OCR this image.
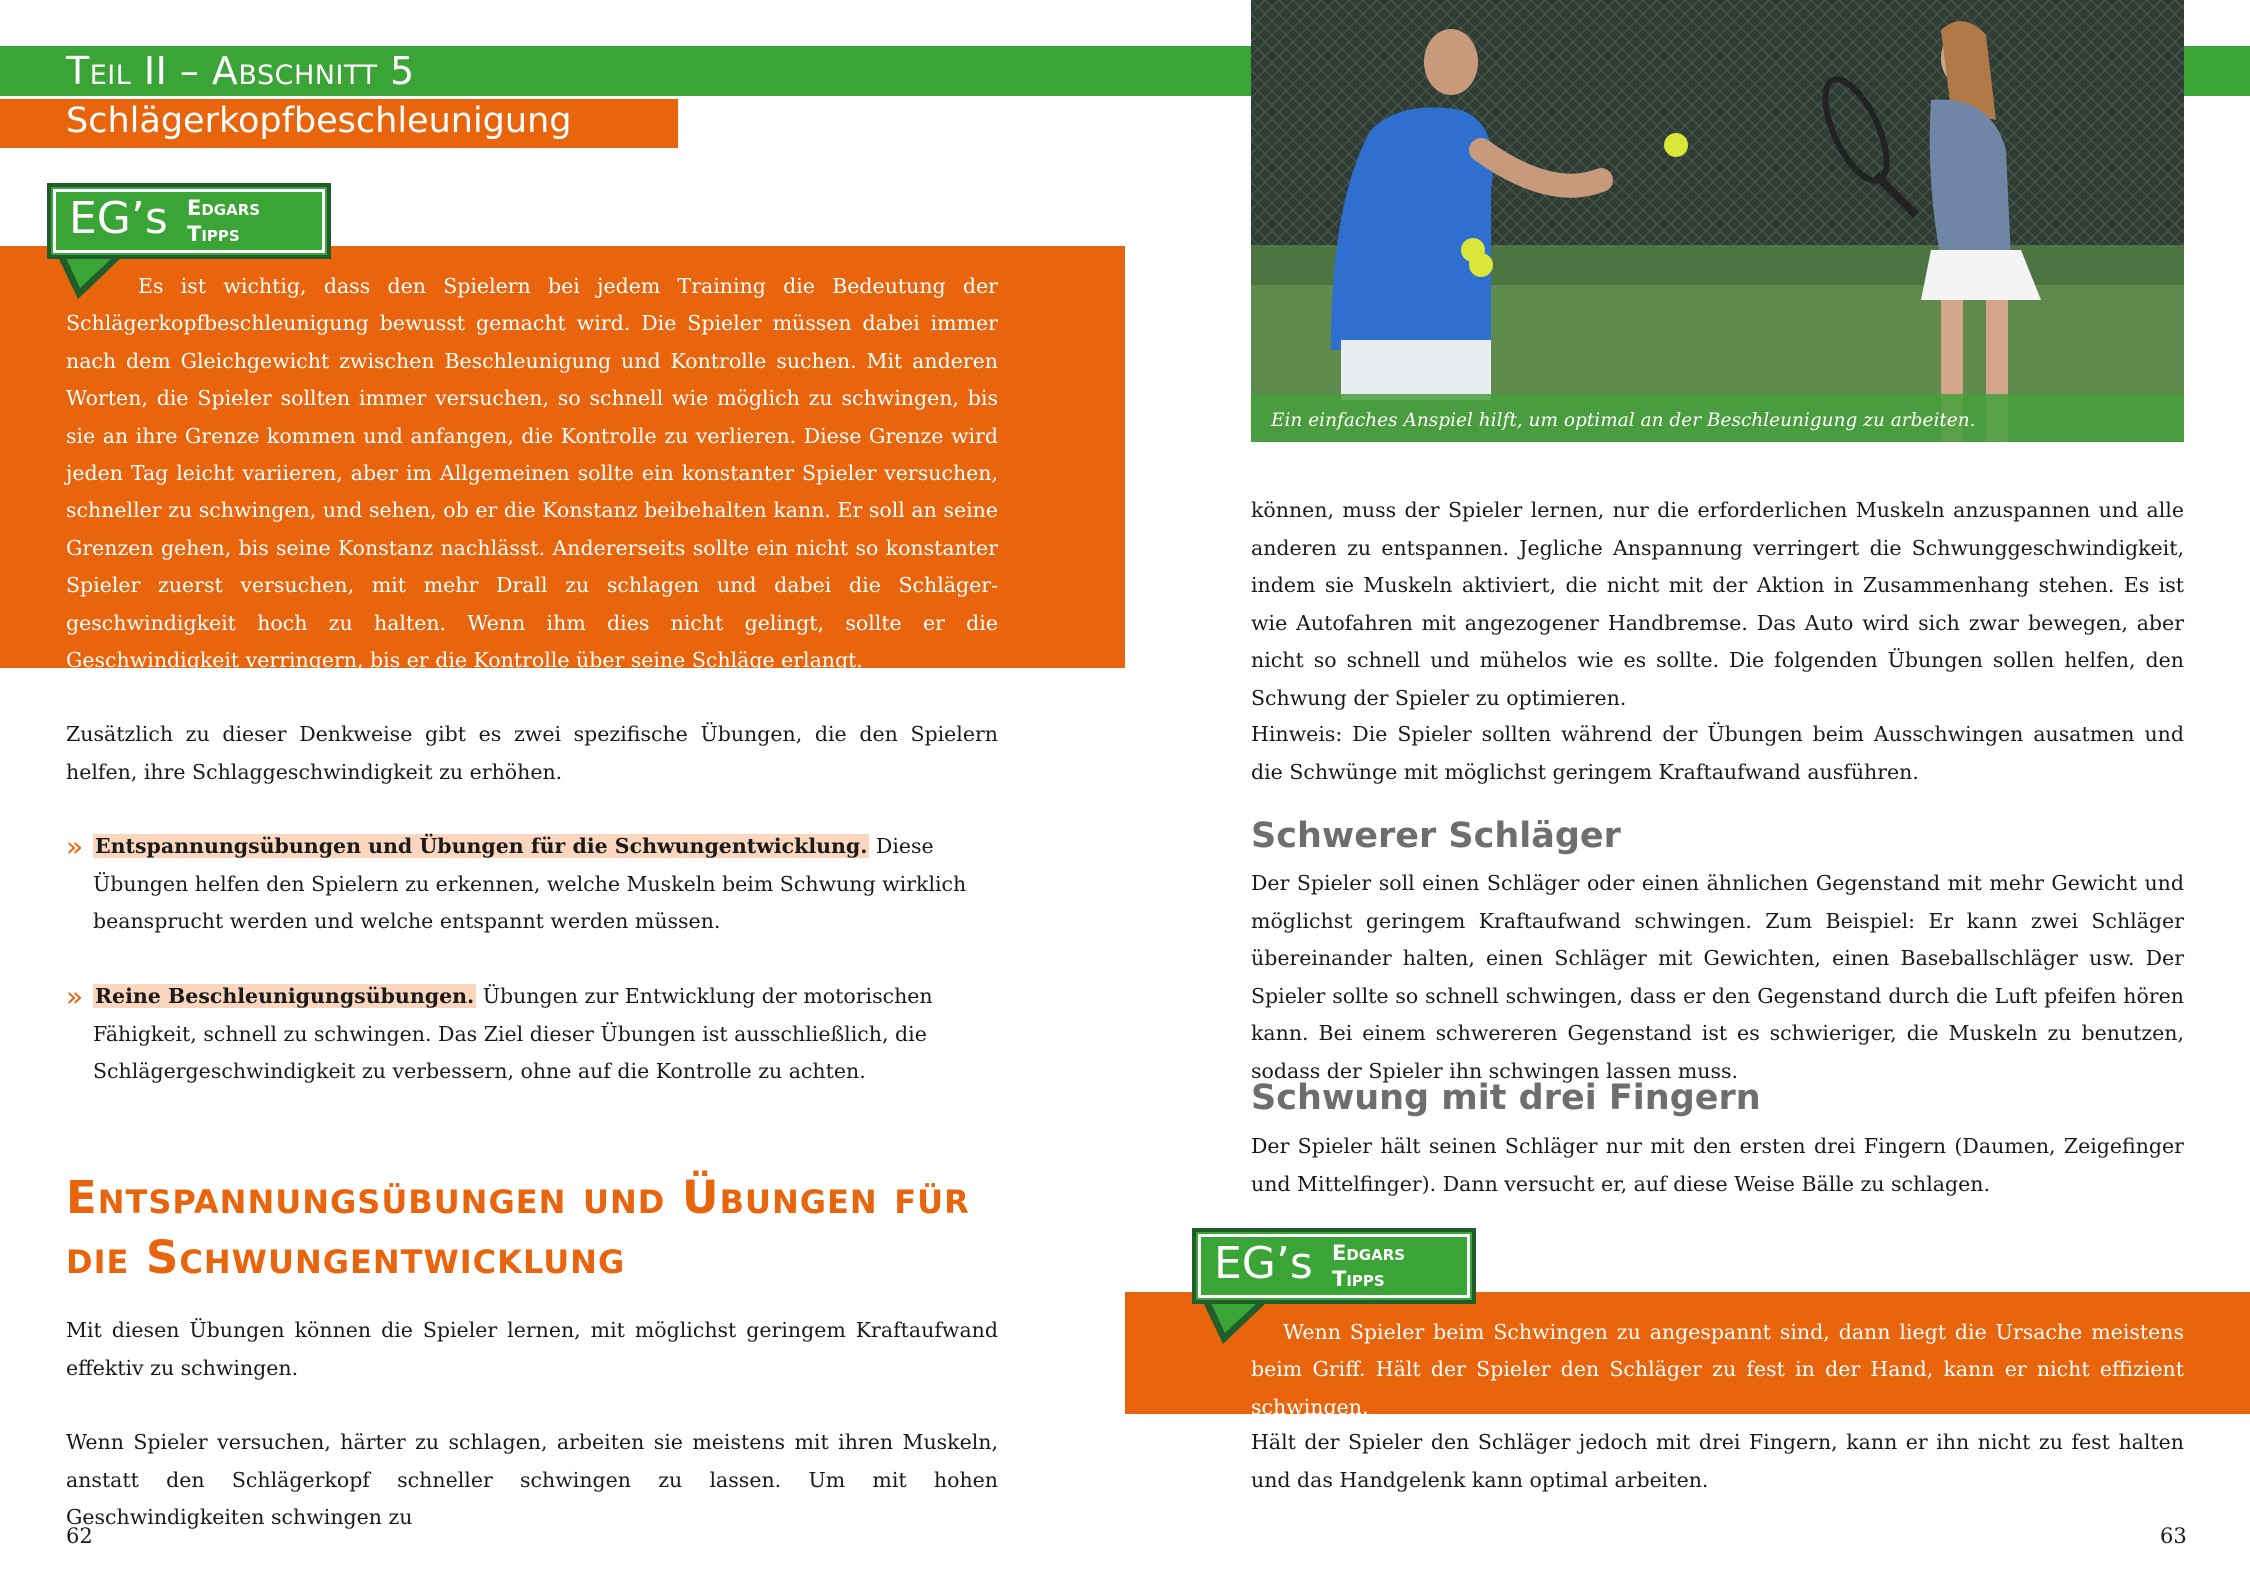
Teil II – Abschnitt 5
Schlägerkopfbeschleunigung
EG’s Edgars
Tipps

Es ist wichtig, dass den Spielern bei jedem Training die Bedeutung der Schlägerkopfbeschleunigung bewusst gemacht wird. Die Spieler müssen dabei immer nach dem Gleichgewicht zwischen Beschleunigung und Kontrolle suchen. Mit anderen Worten, die Spieler sollten immer versuchen, so schnell wie möglich zu schwingen, bis sie an ihre Grenze kommen und anfangen, die Kontrolle zu verlieren. Diese Grenze wird jeden Tag leicht variieren, aber im Allgemeinen sollte ein konstanter Spieler versuchen, schneller zu schwingen, und sehen, ob er die Konstanz beibehalten kann. Er soll an seine Grenzen gehen, bis seine Konstanz nachlässt. Andererseits sollte ein nicht so konstanter Spieler zuerst versuchen, mit mehr Drall zu schlagen und dabei die Schlägergeschwindigkeit hoch zu halten. Wenn ihm dies nicht gelingt, sollte er die Geschwindigkeit verringern, bis er die Kontrolle über seine Schläge erlangt.

Zusätzlich zu dieser Denkweise gibt es zwei spezifische Übungen, die den Spielern helfen, ihre Schlaggeschwindigkeit zu erhöhen.

» Entspannungsübungen und Übungen für die Schwungentwicklung. Diese Übungen helfen den Spielern zu erkennen, welche Muskeln beim Schwung wirklich beansprucht werden und welche entspannt werden müssen.
» Reine Beschleunigungsübungen. Übungen zur Entwicklung der motorischen Fähigkeit, schnell zu schwingen. Das Ziel dieser Übungen ist ausschließlich, die Schlägergeschwindigkeit zu verbessern, ohne auf die Kontrolle zu achten.
Entspannungsübungen und Übungen für die Schwungentwicklung

Mit diesen Übungen können die Spieler lernen, mit möglichst geringem Kraftaufwand effektiv zu schwingen.

Wenn Spieler versuchen, härter zu schlagen, arbeiten sie meistens mit ihren Muskeln, anstatt den Schlägerkopf schneller schwingen zu lassen. Um mit hohen Geschwindigkeiten schwingen zu

62
Ein einfaches Anspiel hilft, um optimal an der Beschleunigung zu arbeiten.

können, muss der Spieler lernen, nur die erforderlichen Muskeln anzuspannen und alle anderen zu entspannen. Jegliche Anspannung verringert die Schwunggeschwindigkeit, indem sie Muskeln aktiviert, die nicht mit der Aktion in Zusammenhang stehen. Es ist wie Autofahren mit angezogener Handbremse. Das Auto wird sich zwar bewegen, aber nicht so schnell und mühelos wie es sollte. Die folgenden Übungen sollen helfen, den Schwung der Spieler zu optimieren.

Hinweis: Die Spieler sollten während der Übungen beim Ausschwingen ausatmen und die Schwünge mit möglichst geringem Kraftaufwand ausführen.

Schwerer Schläger

Der Spieler soll einen Schläger oder einen ähnlichen Gegenstand mit mehr Gewicht und möglichst geringem Kraftaufwand schwingen. Zum Beispiel: Er kann zwei Schläger übereinander halten, einen Schläger mit Gewichten, einen Baseballschläger usw. Der Spieler sollte so schnell schwingen, dass er den Gegenstand durch die Luft pfeifen hören kann. Bei einem schwereren Gegenstand ist es schwieriger, die Muskeln zu benutzen, sodass der Spieler ihn schwingen lassen muss.

Schwung mit drei Fingern

Der Spieler hält seinen Schläger nur mit den ersten drei Fingern (Daumen, Zeigefinger und Mittelfinger). Dann versucht er, auf diese Weise Bälle zu schlagen.

EG’s Edgars
Tipps

Wenn Spieler beim Schwingen zu angespannt sind, dann liegt die Ursache meistens beim Griff. Hält der Spieler den Schläger zu fest in der Hand, kann er nicht effizient schwingen.

Hält der Spieler den Schläger jedoch mit drei Fingern, kann er ihn nicht zu fest halten und das Handgelenk kann optimal arbeiten.

63
